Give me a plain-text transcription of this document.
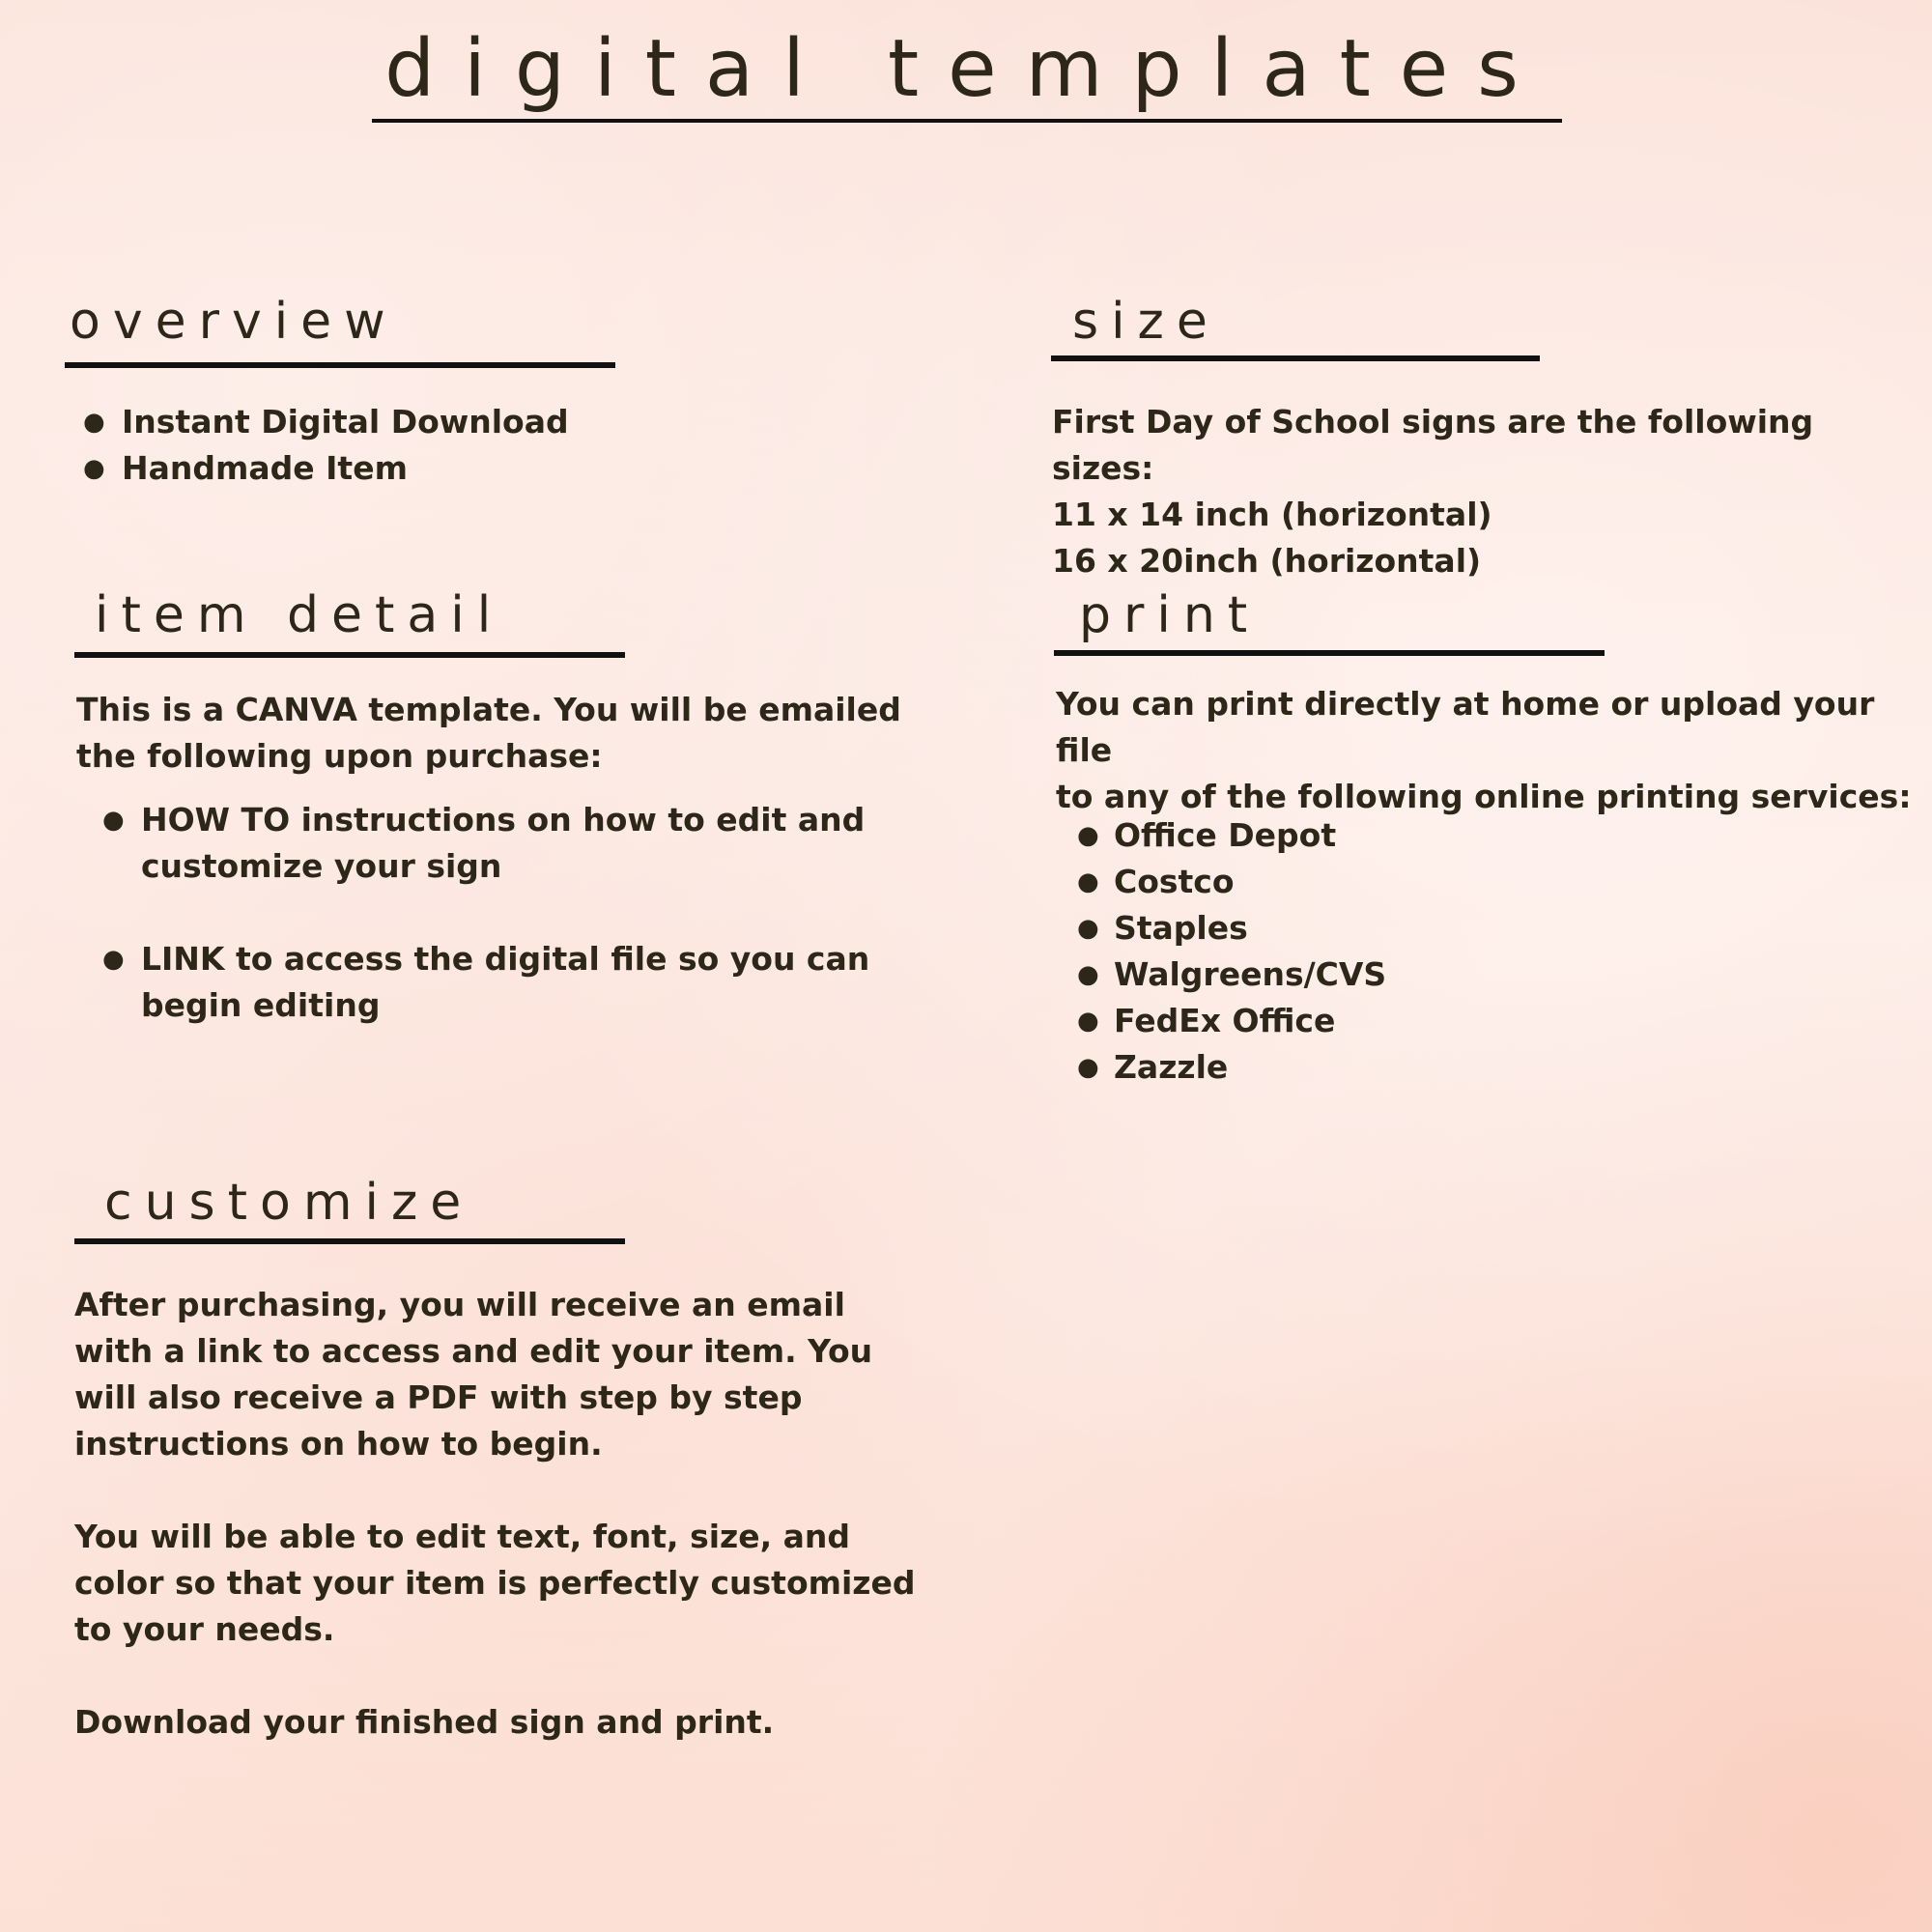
digital templates
overview
● Instant Digital Download
● Handmade Item
size

First Day of School signs are the following sizes:

11 x 14 inch (horizontal)

16 x 20inch (horizontal)

item detail

This is a CANVA template. You will be emailed

the following upon purchase:

● HOW TO instructions on how to edit and
customize your sign
● LINK to access the digital file so you can
begin editing
print

You can print directly at home or upload your file

to any of the following online printing services:

● Office Depot
● Costco
● Staples
● Walgreens/CVS
● FedEx Office
● Zazzle
customize

After purchasing, you will receive an email

with a link to access and edit your item. You

will also receive a PDF with step by step

instructions on how to begin.

You will be able to edit text, font, size, and

color so that your item is perfectly customized

to your needs.

Download your finished sign and print.
